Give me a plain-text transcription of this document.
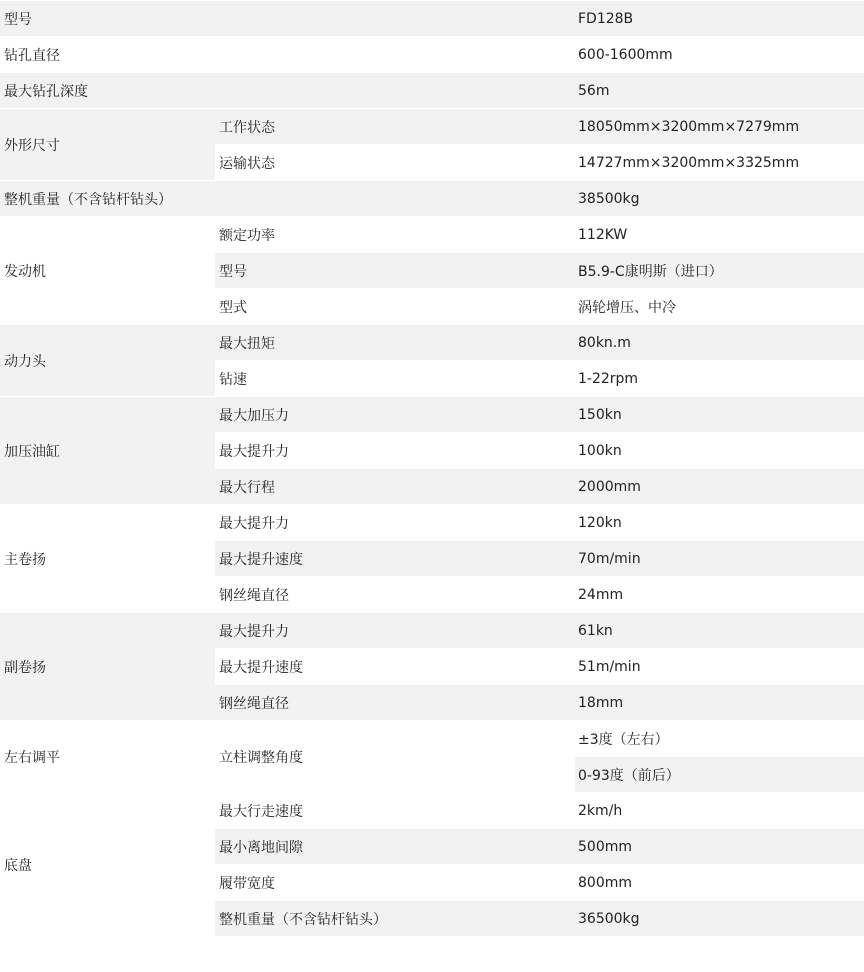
型号		FD128B
钻孔直径		600-1600mm
最大钻孔深度		56m
外形尺寸	工作状态	18050mm×3200mm×7279mm
	运输状态	14727mm×3200mm×3325mm
整机重量（不含钻杆钻头）		38500kg
发动机	额定功率	112KW
	型号	B5.9-C康明斯（进口）
	型式	涡轮增压、中冷
动力头	最大扭矩	80kn.m
	钻速	1-22rpm
加压油缸	最大加压力	150kn
	最大提升力	100kn
	最大行程	2000mm
主卷扬	最大提升力	120kn
	最大提升速度	70m/min
	钢丝绳直径	24mm
副卷扬	最大提升力	61kn
	最大提升速度	51m/min
	钢丝绳直径	18mm
左右调平	立柱调整角度	±3度（左右）
		0-93度（前后）
底盘	最大行走速度	2km/h
	最小离地间隙	500mm
	履带宽度	800mm
	整机重量（不含钻杆钻头）	36500kg
